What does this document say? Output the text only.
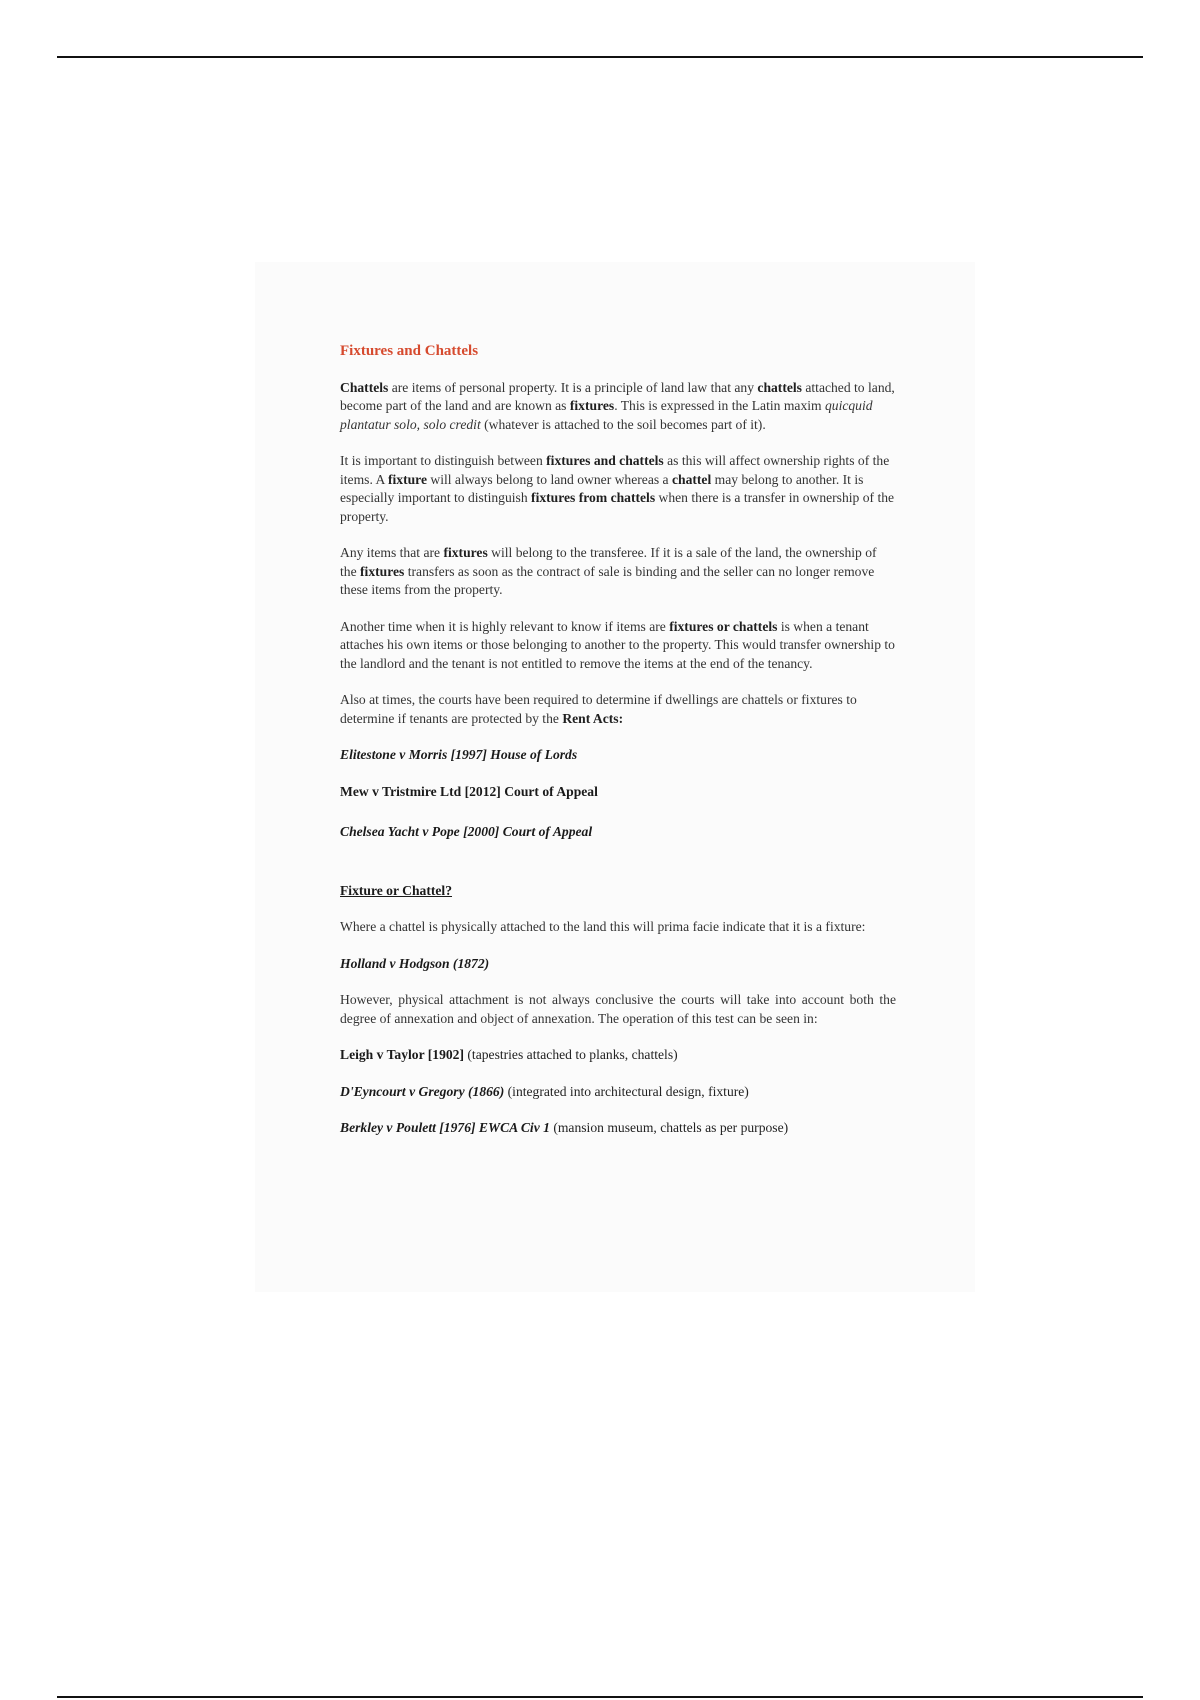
Fixtures and Chattels

Chattels are items of personal property. It is a principle of land law that any chattels attached to land, become part of the land and are known as fixtures. This is expressed in the Latin maxim quicquid plantatur solo, solo credit (whatever is attached to the soil becomes part of it).

It is important to distinguish between fixtures and chattels as this will affect ownership rights of the items. A fixture will always belong to land owner whereas a chattel may belong to another. It is especially important to distinguish fixtures from chattels when there is a transfer in ownership of the property.

Any items that are fixtures will belong to the transferee. If it is a sale of the land, the ownership of the fixtures transfers as soon as the contract of sale is binding and the seller can no longer remove these items from the property.

Another time when it is highly relevant to know if items are fixtures or chattels is when a tenant attaches his own items or those belonging to another to the property. This would transfer ownership to the landlord and the tenant is not entitled to remove the items at the end of the tenancy.

Also at times, the courts have been required to determine if dwellings are chattels or fixtures to determine if tenants are protected by the Rent Acts:

Elitestone v Morris [1997] House of Lords

Mew v Tristmire Ltd [2012] Court of Appeal

Chelsea Yacht v Pope [2000] Court of Appeal

Fixture or Chattel?

Where a chattel is physically attached to the land this will prima facie indicate that it is a fixture:

Holland v Hodgson (1872)

However, physical attachment is not always conclusive the courts will take into account both the degree of annexation and object of annexation. The operation of this test can be seen in:

Leigh v Taylor [1902] (tapestries attached to planks, chattels)

D'Eyncourt v Gregory (1866) (integrated into architectural design, fixture)

Berkley v Poulett [1976] EWCA Civ 1 (mansion museum, chattels as per purpose)
